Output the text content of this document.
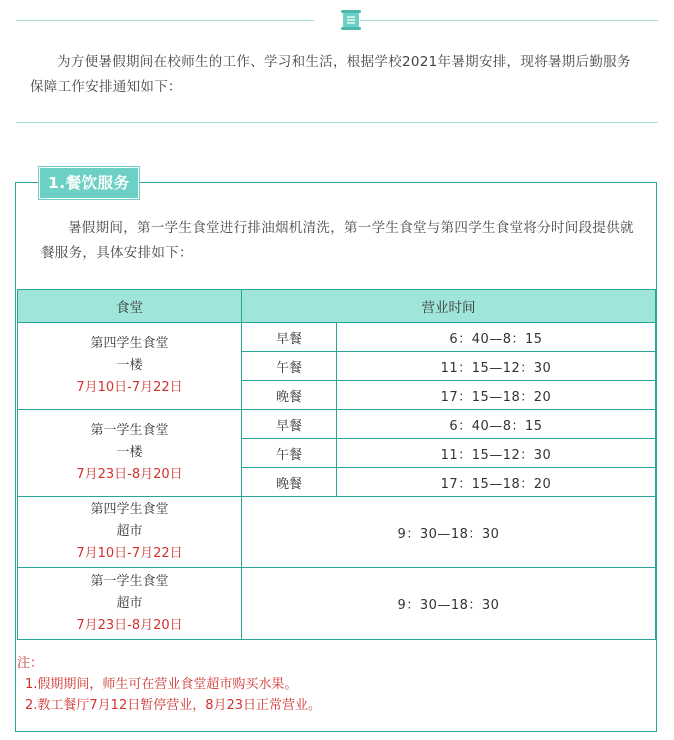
为方便暑假期间在校师生的工作、学习和生活，根据学校2021年暑期安排，现将暑期后勤服务保障工作安排通知如下：
1.餐饮服务
暑假期间，第一学生食堂进行排油烟机清洗，第一学生食堂与第四学生食堂将分时间段提供就餐服务，具体安排如下：
食堂	营业时间	

第四学生食堂
一楼
7月10日-7月22日	早餐	6：40—8：15
	午餐	11：15—12：30
	晚餐	17：15—18：20

第一学生食堂
一楼
7月23日-8月20日	早餐	6：40—8：15
	午餐	11：15—12：30
	晚餐	17：15—18：20

第四学生食堂
超市
7月10日-7月22日	9：30—18：30	

第一学生食堂
超市
7月23日-8月20日	9：30—18：30	
注：
1.假期期间，师生可在营业食堂超市购买水果。
2.教工餐厅7月12日暂停营业，8月23日正常营业。
